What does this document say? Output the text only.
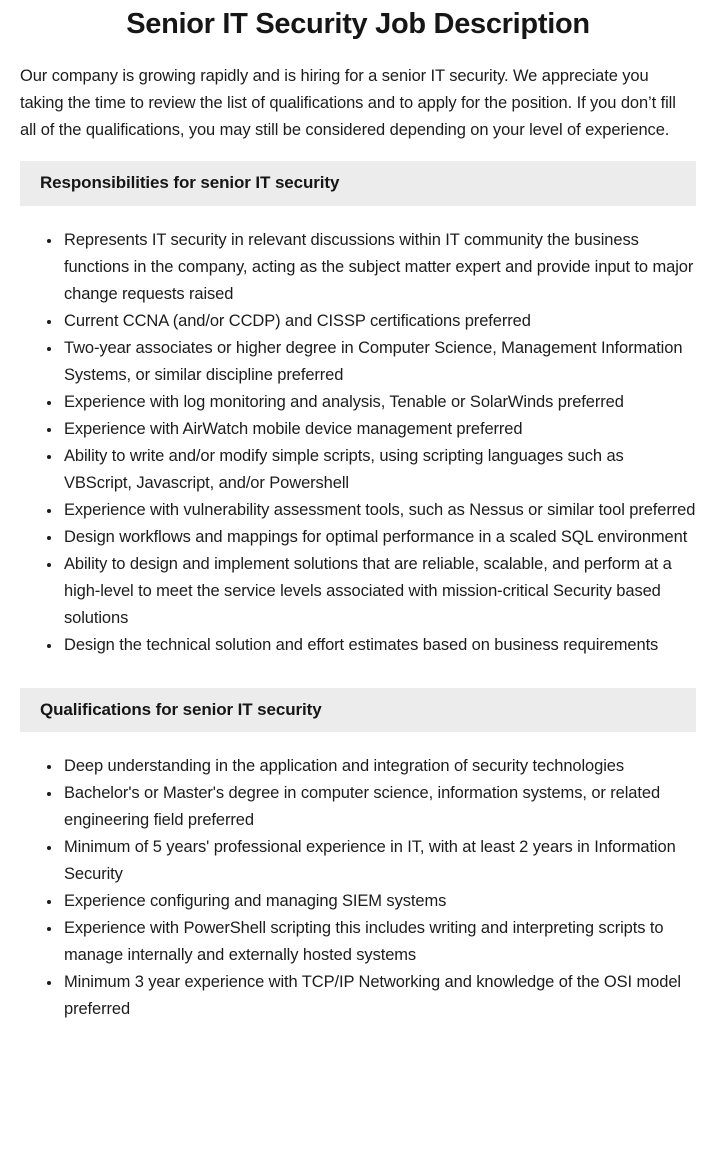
Senior IT Security Job Description

Our company is growing rapidly and is hiring for a senior IT security. We appreciate you taking the time to review the list of qualifications and to apply for the position. If you don’t fill all of the qualifications, you may still be considered depending on your level of experience.

Responsibilities for senior IT security
• Represents IT security in relevant discussions within IT community the business functions in the company, acting as the subject matter expert and provide input to major change requests raised
• Current CCNA (and/or CCDP) and CISSP certifications preferred
• Two-year associates or higher degree in Computer Science, Management Information Systems, or similar discipline preferred
• Experience with log monitoring and analysis, Tenable or SolarWinds preferred
• Experience with AirWatch mobile device management preferred
• Ability to write and/or modify simple scripts, using scripting languages such as VBScript, Javascript, and/or Powershell
• Experience with vulnerability assessment tools, such as Nessus or similar tool preferred
• Design workflows and mappings for optimal performance in a scaled SQL environment
• Ability to design and implement solutions that are reliable, scalable, and perform at a high-level to meet the service levels associated with mission-critical Security based solutions
• Design the technical solution and effort estimates based on business requirements
Qualifications for senior IT security
• Deep understanding in the application and integration of security technologies
• Bachelor's or Master's degree in computer science, information systems, or related engineering field preferred
• Minimum of 5 years' professional experience in IT, with at least 2 years in Information Security
• Experience configuring and managing SIEM systems
• Experience with PowerShell scripting this includes writing and interpreting scripts to manage internally and externally hosted systems
• Minimum 3 year experience with TCP/IP Networking and knowledge of the OSI model preferred
